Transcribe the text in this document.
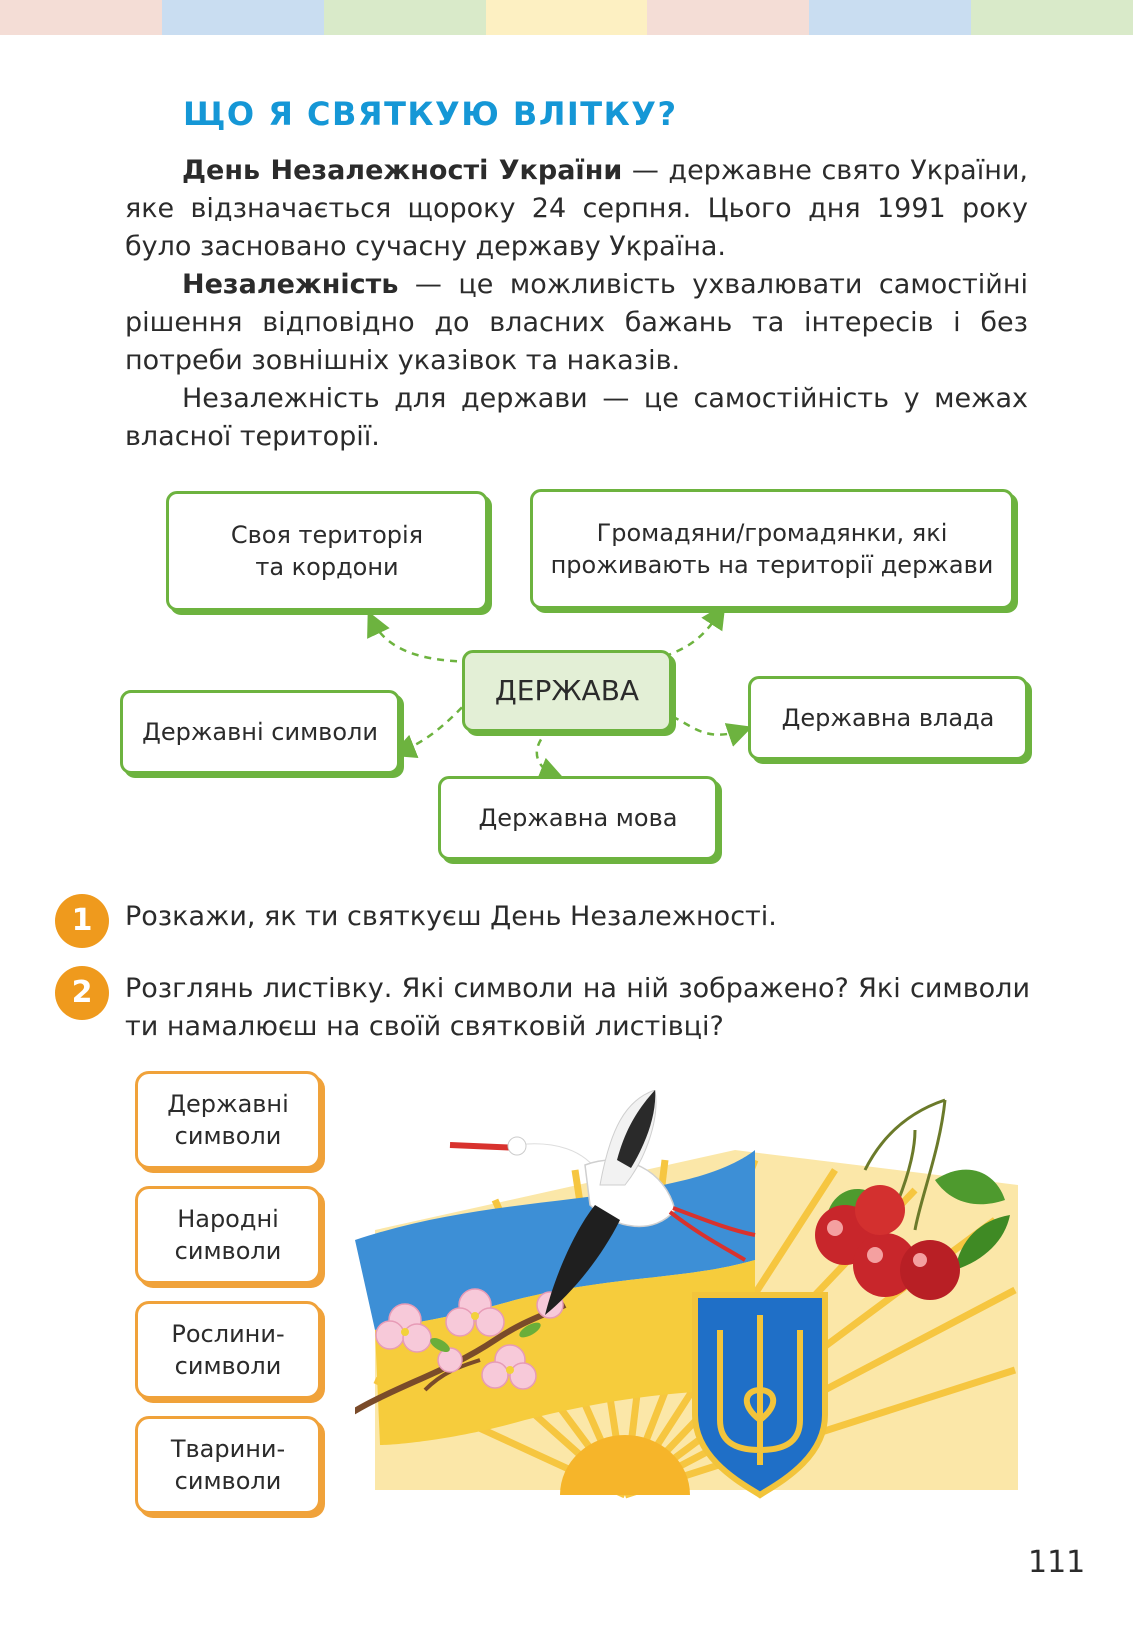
ЩО Я СВЯТКУЮ ВЛІТКУ?

День Незалежності України — державне свято України, яке відзначається щороку 24 серпня. Цього дня 1991 року було засновано сучасну державу Україна.

Незалежність — це можливість ухвалювати самостійні рішення відповідно до власних бажань та інтересів і без потреби зовнішніх указівок та наказів.

Незалежність для держави — це самостійність у межах власної території.

Своя територія та кордони
Громадяни/громадянки, які проживають на території держави
ДЕРЖАВА
Державні символи	Державна влада
Державна мова
1	Розкажи, як ти святкуєш День Незалежності.
2	Розглянь листівку. Які символи на ній зображено? Які символи ти намалюєш на своїй святковій листівці?
Державні символи
Народні символи
Рослини-символи
Тварини-символи
111
